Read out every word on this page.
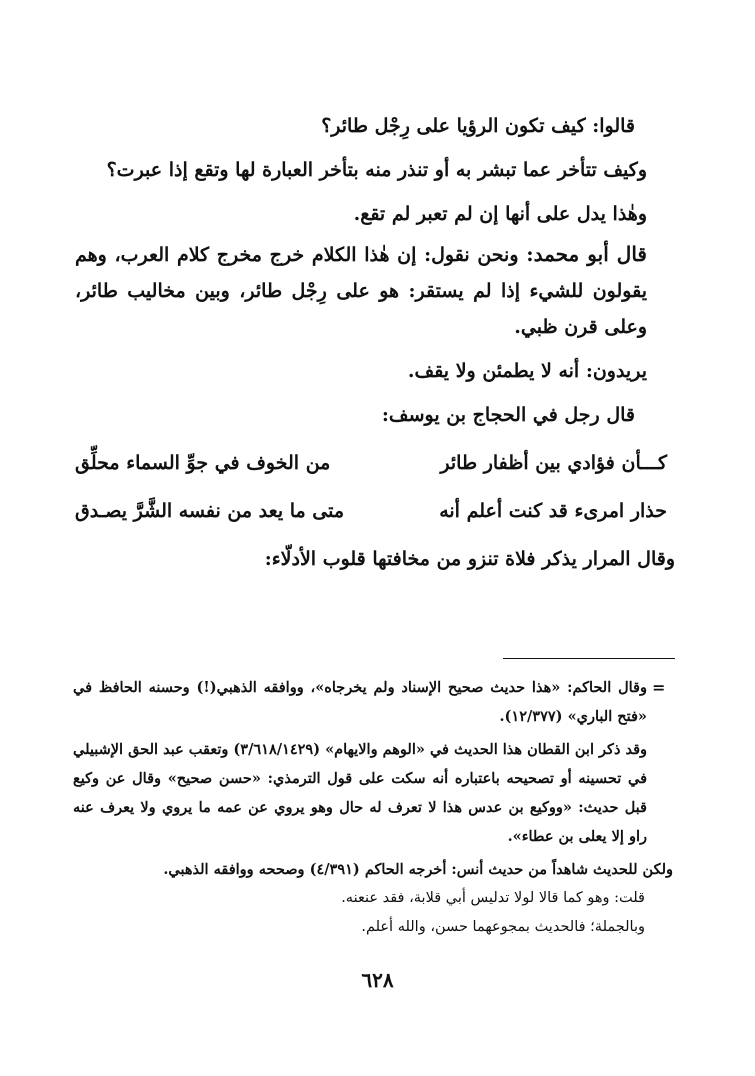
قالوا: كيف تكون الرؤيا على رِجْل طائر؟

وكيف تتأخر عما تبشر به أو تنذر منه بتأخر العبارة لها وتقع إذا عبرت؟

وهٰذا يدل على أنها إن لم تعبر لم تقع.

قال أبو محمد: ونحن نقول: إن هٰذا الكلام خرج مخرج كلام العرب، وهم يقولون للشيء إذا لم يستقر: هو على رِجْل طائر، وبين مخاليب طائر، وعلى قرن ظبي.

يريدون: أنه لا يطمئن ولا يقف.

قال رجل في الحجاج بن يوسف:

كـــأن فؤادي بين أظفار طائر
من الخوف في جوِّ السماء محلِّق
حذار امرىء قد كنت أعلم أنه
متى ما يعد من نفسه الشَّرَّ يصـدق

وقال المرار يذكر فلاة تنزو من مخافتها قلوب الأدلّاء:

=

وقال الحاكم: «هذا حديث صحيح الإسناد ولم يخرجاه»، ووافقه الذهبي(!) وحسنه الحافظ في «فتح الباري» (١٢/٣٧٧).

وقد ذكر ابن القطان هذا الحديث في «الوهم والايهام» (٣/٦١٨/١٤٢٩) وتعقب عبد الحق الإشبيلي في تحسينه أو تصحيحه باعتباره أنه سكت على قول الترمذي: «حسن صحيح» وقال عن وكيع قبل حديث: «ووكيع بن عدس هذا لا تعرف له حال وهو يروي عن عمه ما يروي ولا يعرف عنه راو إلا يعلى بن عطاء».

ولكن للحديث شاهداً من حديث أنس: أخرجه الحاكم (٤/٣٩١) وصححه ووافقه الذهبي.

قلت: وهو كما قالا لولا تدليس أبي قلابة، فقد عنعنه.

وبالجملة؛ فالحديث بمجوعهما حسن، والله أعلم.

٦٢٨
